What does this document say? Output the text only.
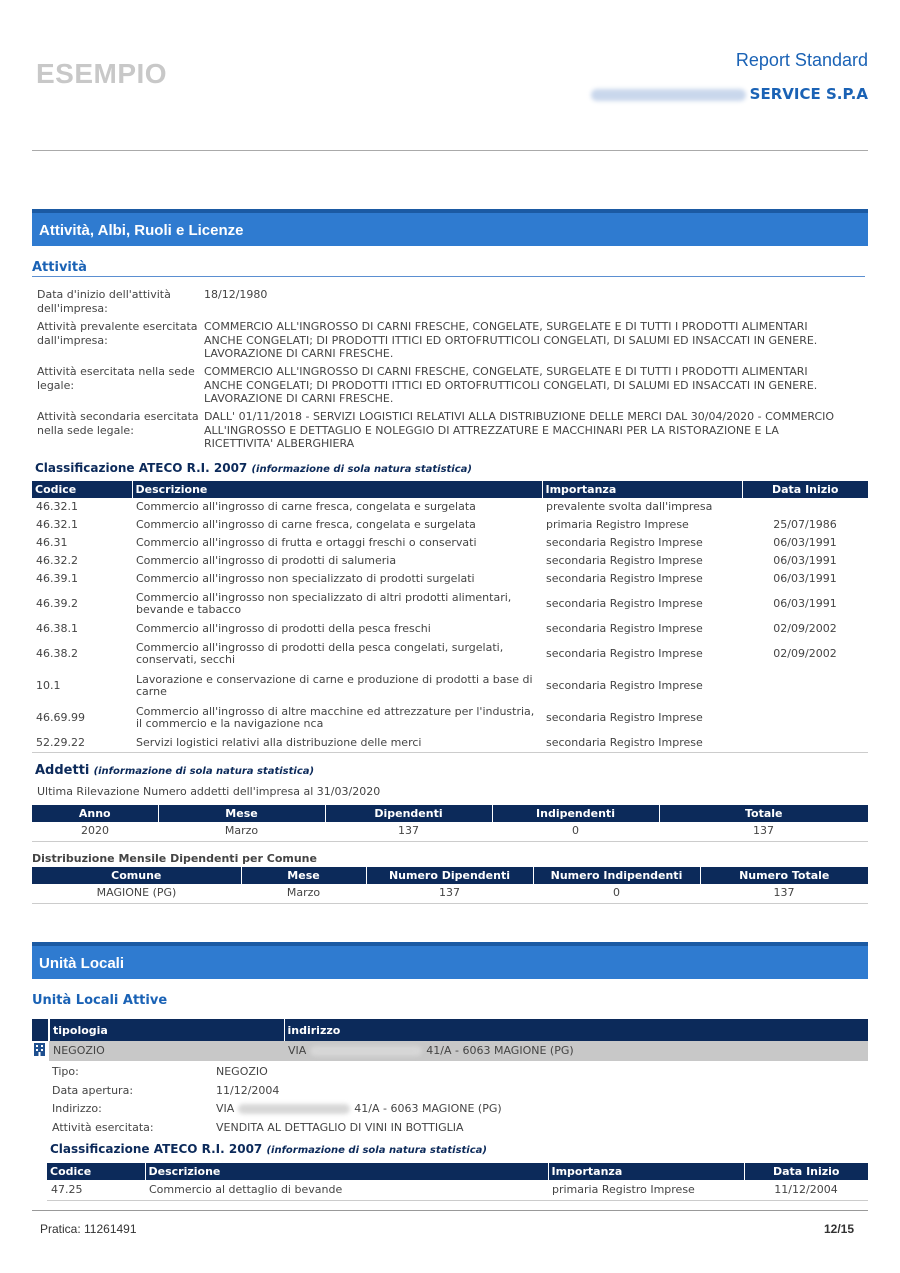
ESEMPIO	Report Standard
SERVICE S.P.A
Attività, Albi, Ruoli e Licenze
Attività
Data d'inizio dell'attività dell'impresa:
18/12/1980
Attività prevalente esercitata dall'impresa:
COMMERCIO ALL'INGROSSO DI CARNI FRESCHE, CONGELATE, SURGELATE E DI TUTTI I PRODOTTI ALIMENTARI ANCHE CONGELATI; DI PRODOTTI ITTICI ED ORTOFRUTTICOLI CONGELATI, DI SALUMI ED INSACCATI IN GENERE. LAVORAZIONE DI CARNI FRESCHE.
Attività esercitata nella sede legale:
COMMERCIO ALL'INGROSSO DI CARNI FRESCHE, CONGELATE, SURGELATE E DI TUTTI I PRODOTTI ALIMENTARI ANCHE CONGELATI; DI PRODOTTI ITTICI ED ORTOFRUTTICOLI CONGELATI, DI SALUMI ED INSACCATI IN GENERE. LAVORAZIONE DI CARNI FRESCHE.
Attività secondaria esercitata nella sede legale:
DALL' 01/11/2018 - SERVIZI LOGISTICI RELATIVI ALLA DISTRIBUZIONE DELLE MERCI DAL 30/04/2020 - COMMERCIO ALL'INGROSSO E DETTAGLIO E NOLEGGIO DI ATTREZZATURE E MACCHINARI PER LA RISTORAZIONE E LA RICETTIVITA' ALBERGHIERA
Classificazione ATECO R.I. 2007 (informazione di sola natura statistica)
Codice	Descrizione	Importanza	Data Inizio
46.32.1	Commercio all'ingrosso di carne fresca, congelata e surgelata	prevalente svolta dall'impresa	
46.32.1	Commercio all'ingrosso di carne fresca, congelata e surgelata	primaria Registro Imprese	25/07/1986
46.31	Commercio all'ingrosso di frutta e ortaggi freschi o conservati	secondaria Registro Imprese	06/03/1991
46.32.2	Commercio all'ingrosso di prodotti di salumeria	secondaria Registro Imprese	06/03/1991
46.39.1	Commercio all'ingrosso non specializzato di prodotti surgelati	secondaria Registro Imprese	06/03/1991
46.39.2	Commercio all'ingrosso non specializzato di altri prodotti alimentari, bevande e tabacco	secondaria Registro Imprese	06/03/1991
46.38.1	Commercio all'ingrosso di prodotti della pesca freschi	secondaria Registro Imprese	02/09/2002
46.38.2	Commercio all'ingrosso di prodotti della pesca congelati, surgelati, conservati, secchi	secondaria Registro Imprese	02/09/2002
10.1	Lavorazione e conservazione di carne e produzione di prodotti a base di carne	secondaria Registro Imprese	
46.69.99	Commercio all'ingrosso di altre macchine ed attrezzature per l'industria, il commercio e la navigazione nca	secondaria Registro Imprese	
52.29.22	Servizi logistici relativi alla distribuzione delle merci	secondaria Registro Imprese	
Addetti (informazione di sola natura statistica)
Ultima Rilevazione Numero addetti dell'impresa al 31/03/2020
Anno	Mese	Dipendenti	Indipendenti	Totale
2020	Marzo	137	0	137
Distribuzione Mensile Dipendenti per Comune
Comune	Mese	Numero Dipendenti	Numero Indipendenti	Numero Totale
MAGIONE (PG)	Marzo	137	0	137
Unità Locali
Unità Locali Attive
	tipologia	indirizzo
	NEGOZIO	VIA 41/A - 6063 MAGIONE (PG)
Tipo:	NEGOZIO
Data apertura:	11/12/2004
Indirizzo:	VIA	41/A - 6063 MAGIONE (PG)
Attività esercitata:	VENDITA AL DETTAGLIO DI VINI IN BOTTIGLIA
Classificazione ATECO R.I. 2007 (informazione di sola natura statistica)
Codice	Descrizione	Importanza	Data Inizio
47.25	Commercio al dettaglio di bevande	primaria Registro Imprese	11/12/2004
Pratica: 11261491	12/15
